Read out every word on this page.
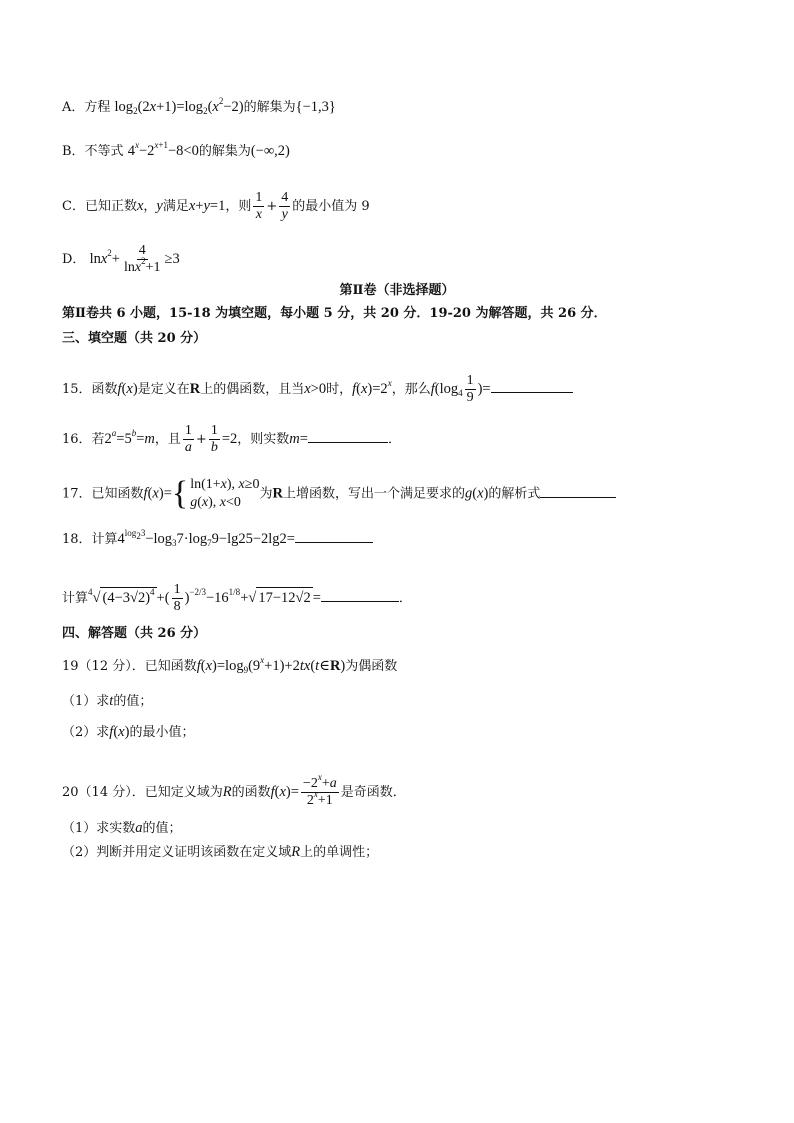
A．方程 $\log_2(2x+1)=\log_2(x^2-2)$的解集为{−1,3}
B．不等式 $4^x-2^{x+1}-8<0$的解集为(−∞,2)
C．已知正数x，y满足x+y=1，则 $\frac{1}{x} + \frac{4}{y}$ 的最小值为 9
D． $\ln x^2+ \frac{4}{\ln x^2+1} \ge 3$
第Ⅱ卷（非选择题）
第Ⅱ卷共 6 小题，15-18 为填空题，每小题 5 分，共 20 分．19-20 为解答题，共 26 分．
三、填空题（共 20 分）
15．函数f(x)是定义在R上的偶函数，且当x>0时，$f(x)=2^x$，那么$f(\log_4 \frac{1}{9}$ )=
16．若$2^a=5^b=m$，且 $\frac{1}{a} + \frac{1}{b} =2$，则实数m=	．
17．已知函数f(x)= { ln(1+x), x≥0
g(x), x<0
为R上增函数，写出一个满足要求的g(x)的解析式
18．计算$4^{log_23}-\log_37\cdot\log_79-\lg 25-2\lg 2=$
计算$^4$√ $(4-3√2)^4$ +( $\frac{1}{8} )^{-2/3}-16^{1/8}+√$ 17−12√2 =	．
四、解答题（共 26 分）
19（12 分）．已知函数$f(x)=\log_9(9^x+1)+2tx(t\in R)$为偶函数
（1）求t的值；
（2）求f(x)的最小值；
20（14 分）．已知定义域为R的函数$f(x)= \frac{-2^x+a}{2^x+1}$ 是奇函数．
（1）求实数a的值；
（2）判断并用定义证明该函数在定义域R上的单调性；
